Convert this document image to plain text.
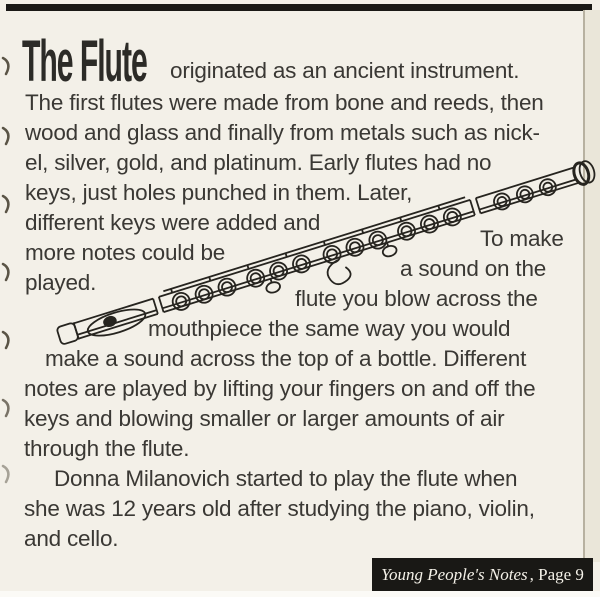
The Flute originated as an ancient instrument.
The first flutes were made from bone and reeds, then
wood and glass and finally from metals such as nick-
el, silver, gold, and platinum. Early flutes had no
keys, just holes punched in them. Later,
different keys were added and
more notes could be
played.
To make
a sound on the
flute you blow across the
mouthpiece the same way you would
make a sound across the top of a bottle. Different
notes are played by lifting your fingers on and off the
keys and blowing smaller or larger amounts of air
through the flute.
Donna Milanovich started to play the flute when
she was 12 years old after studying the piano, violin,
and cello.
Young People's Notes , Page 9
